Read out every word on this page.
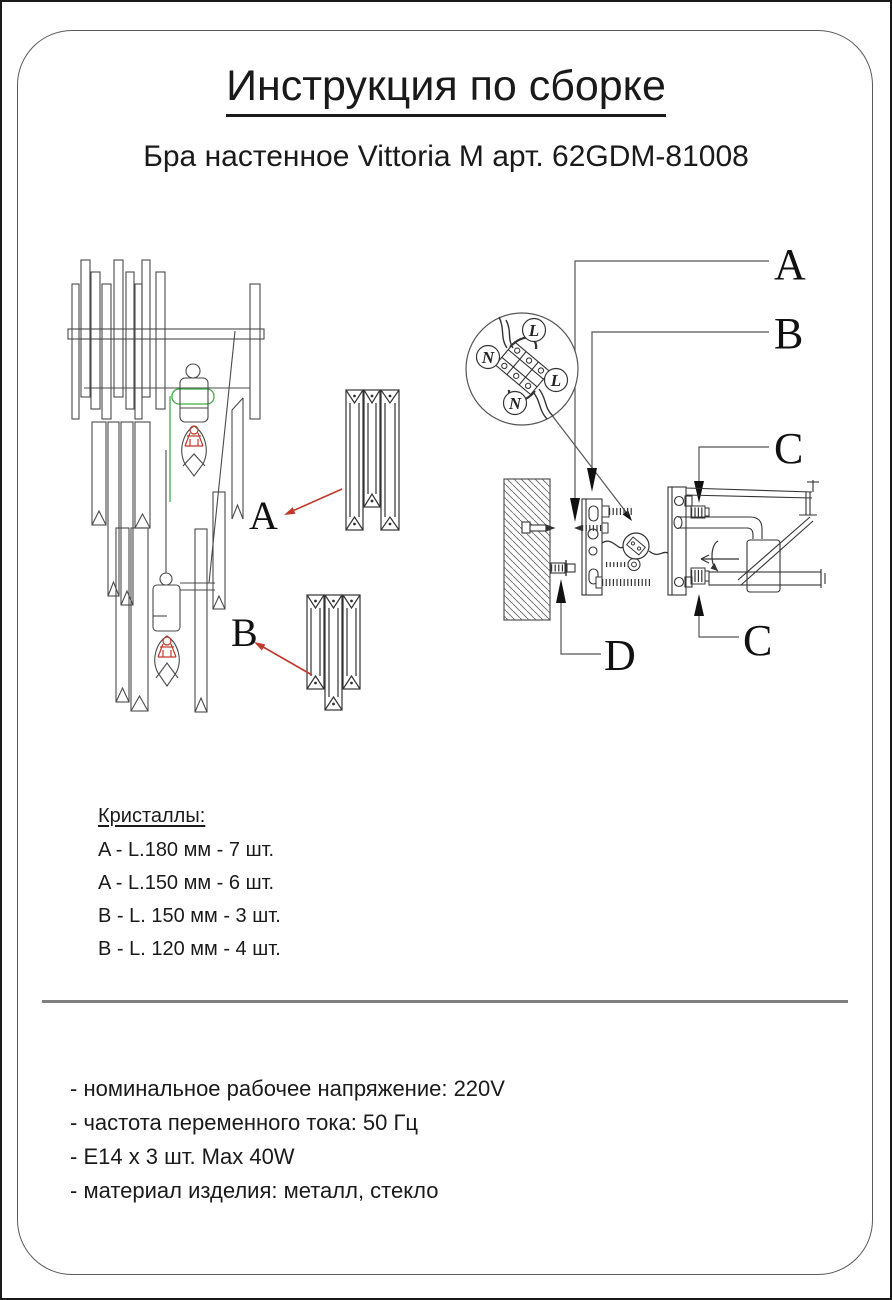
Инструкция по сборке
Бра настенное Vittoria M арт. 62GDM-81008
A
B
N
L
L
N
A
B
C
C
D
Кристаллы:
A - L.180 мм - 7 шт.
A - L.150 мм - 6 шт.
B - L. 150 мм - 3 шт.
B - L. 120 мм - 4 шт.
- номинальное рабочее напряжение: 220V
- частота переменного тока: 50 Гц
- E14 x 3 шт. Max 40W
- материал изделия: металл, стекло
